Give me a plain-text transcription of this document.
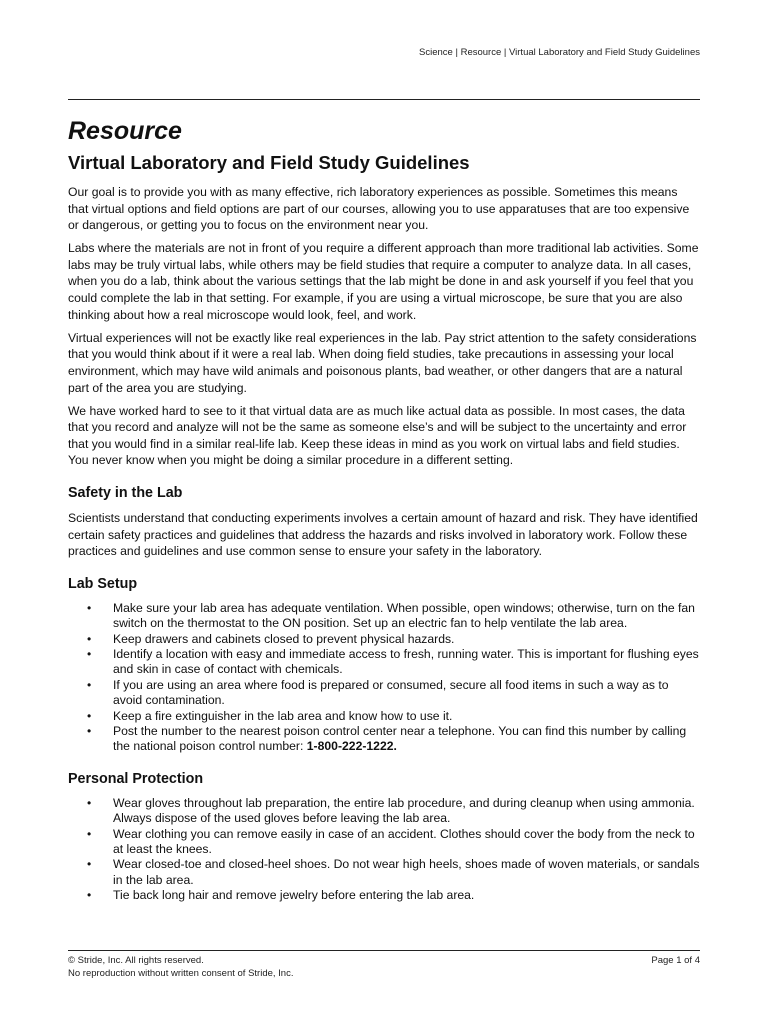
Science | Resource | Virtual Laboratory and Field Study Guidelines
Resource
Virtual Laboratory and Field Study Guidelines

Our goal is to provide you with as many effective, rich laboratory experiences as possible. Sometimes this means that virtual options and field options are part of our courses, allowing you to use apparatuses that are too expensive or dangerous, or getting you to focus on the environment near you.

Labs where the materials are not in front of you require a different approach than more traditional lab activities. Some labs may be truly virtual labs, while others may be field studies that require a computer to analyze data. In all cases, when you do a lab, think about the various settings that the lab might be done in and ask yourself if you feel that you could complete the lab in that setting. For example, if you are using a virtual microscope, be sure that you are also thinking about how a real microscope would look, feel, and work.

Virtual experiences will not be exactly like real experiences in the lab. Pay strict attention to the safety considerations that you would think about if it were a real lab. When doing field studies, take precautions in assessing your local environment, which may have wild animals and poisonous plants, bad weather, or other dangers that are a natural part of the area you are studying.

We have worked hard to see to it that virtual data are as much like actual data as possible. In most cases, the data that you record and analyze will not be the same as someone else’s and will be subject to the uncertainty and error that you would find in a similar real-life lab. Keep these ideas in mind as you work on virtual labs and field studies. You never know when you might be doing a similar procedure in a different setting.

Safety in the Lab

Scientists understand that conducting experiments involves a certain amount of hazard and risk. They have identified certain safety practices and guidelines that address the hazards and risks involved in laboratory work. Follow these practices and guidelines and use common sense to ensure your safety in the laboratory.

Lab Setup
• Make sure your lab area has adequate ventilation. When possible, open windows; otherwise, turn on the fan switch on the thermostat to the ON position. Set up an electric fan to help ventilate the lab area.
• Keep drawers and cabinets closed to prevent physical hazards.
• Identify a location with easy and immediate access to fresh, running water. This is important for flushing eyes and skin in case of contact with chemicals.
• If you are using an area where food is prepared or consumed, secure all food items in such a way as to avoid contamination.
• Keep a fire extinguisher in the lab area and know how to use it.
• Post the number to the nearest poison control center near a telephone. You can find this number by calling the national poison control number: 1-800-222-1222.
Personal Protection
• Wear gloves throughout lab preparation, the entire lab procedure, and during cleanup when using ammonia. Always dispose of the used gloves before leaving the lab area.
• Wear clothing you can remove easily in case of an accident. Clothes should cover the body from the neck to at least the knees.
• Wear closed-toe and closed-heel shoes. Do not wear high heels, shoes made of woven materials, or sandals in the lab area.
• Tie back long hair and remove jewelry before entering the lab area.
© Stride, Inc. All rights reserved.
No reproduction without written consent of Stride, Inc.
Page 1 of 4
